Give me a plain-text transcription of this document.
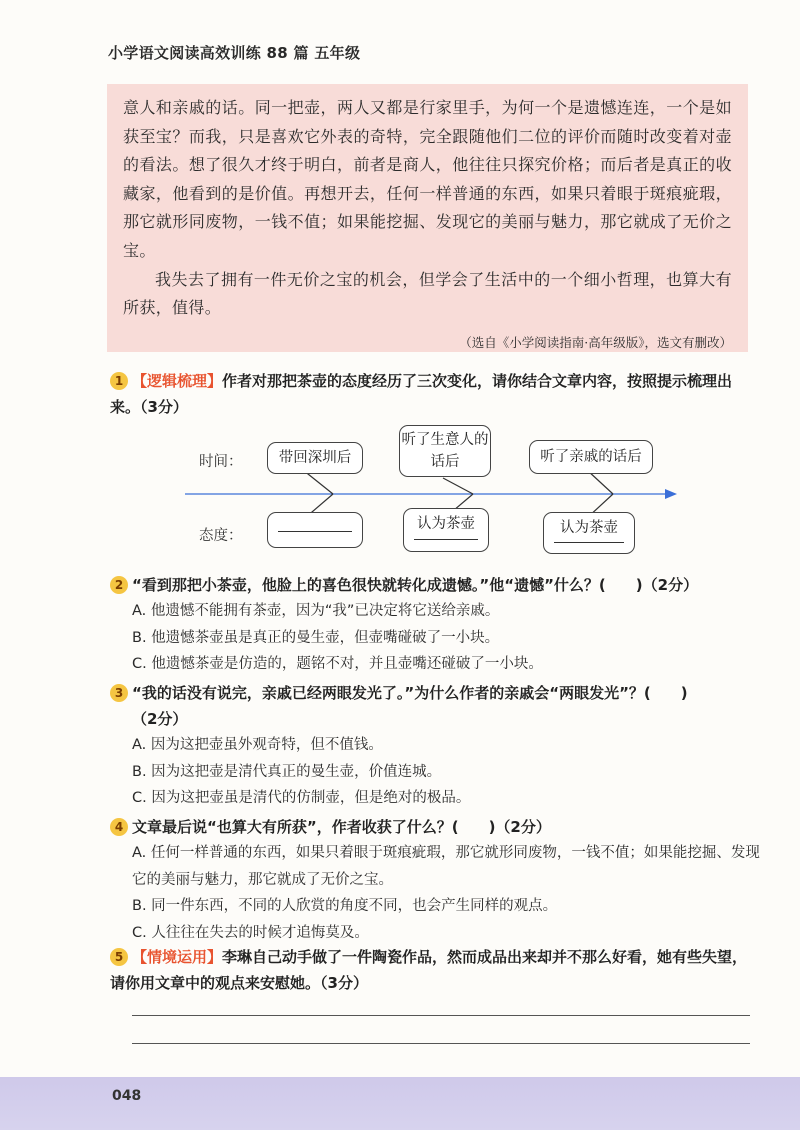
小学语文阅读高效训练 88 篇 五年级

意人和亲戚的话。同一把壶，两人又都是行家里手，为何一个是遗憾连连，一个是如获至宝？而我，只是喜欢它外表的奇特，完全跟随他们二位的评价而随时改变着对壶的看法。想了很久才终于明白，前者是商人，他往往只探究价格；而后者是真正的收藏家，他看到的是价值。再想开去，任何一样普通的东西，如果只着眼于斑痕疵瑕，那它就形同废物，一钱不值；如果能挖掘、发现它的美丽与魅力，那它就成了无价之宝。

我失去了拥有一件无价之宝的机会，但学会了生活中的一个细小哲理，也算大有所获，值得。

（选自《小学阅读指南·高年级版》，选文有删改）

1 【逻辑梳理】作者对那把茶壶的态度经历了三次变化，请你结合文章内容，按照提示梳理出来。（3分）
时间：
态度：
带回深圳后
听了生意人的话后	听了亲戚的话后
认为茶壶	认为茶壶
2 “看到那把小茶壶，他脸上的喜色很快就转化成遗憾。”他“遗憾”什么？(　　)（2分）
A. 他遗憾不能拥有茶壶，因为“我”已决定将它送给亲戚。
B. 他遗憾茶壶虽是真正的曼生壶，但壶嘴碰破了一小块。
C. 他遗憾茶壶是仿造的，题铭不对，并且壶嘴还碰破了一小块。
3 “我的话没有说完，亲戚已经两眼发光了。”为什么作者的亲戚会“两眼发光”？(　　)
（2分）
A. 因为这把壶虽外观奇特，但不值钱。
B. 因为这把壶是清代真正的曼生壶，价值连城。
C. 因为这把壶虽是清代的仿制壶，但是绝对的极品。
4 文章最后说“也算大有所获”，作者收获了什么？(　　)（2分）
A. 任何一样普通的东西，如果只着眼于斑痕疵瑕，那它就形同废物，一钱不值；如果能挖掘、发现它的美丽与魅力，那它就成了无价之宝。
B. 同一件东西，不同的人欣赏的角度不同，也会产生同样的观点。
C. 人往往在失去的时候才追悔莫及。
5 【情境运用】李琳自己动手做了一件陶瓷作品，然而成品出来却并不那么好看，她有些失望，请你用文章中的观点来安慰她。（3分）
048
